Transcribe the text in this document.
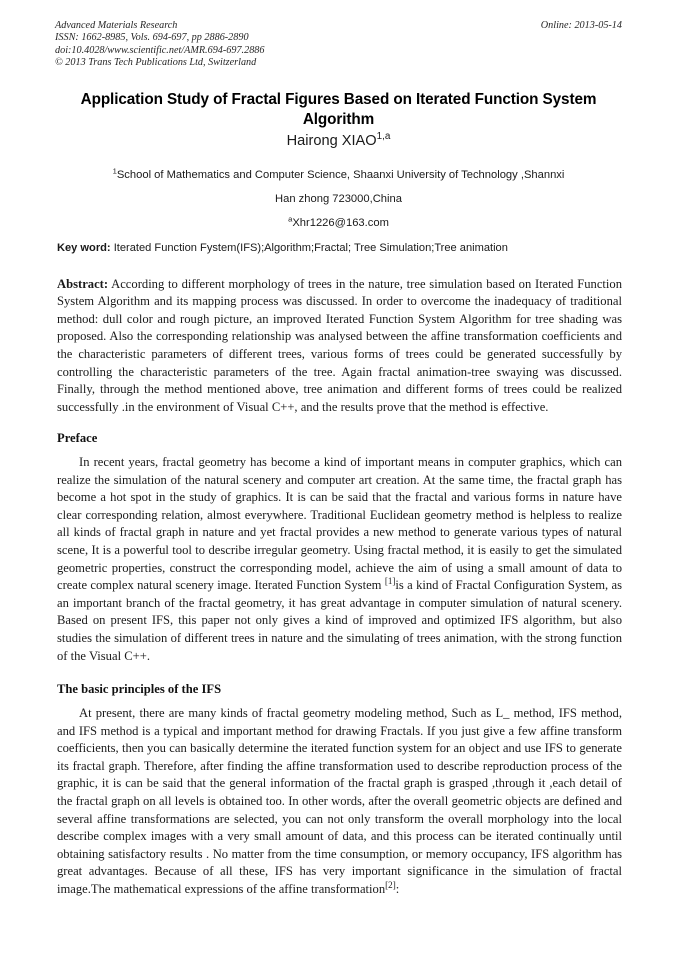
Advanced Materials Research
ISSN: 1662-8985, Vols. 694-697, pp 2886-2890
doi:10.4028/www.scientific.net/AMR.694-697.2886
© 2013 Trans Tech Publications Ltd, Switzerland
Online: 2013-05-14
Application Study of Fractal Figures Based on Iterated Function System Algorithm
Hairong XIAO$^{1,a}$
$^1$School of Mathematics and Computer Science, Shaanxi University of Technology ,Shannxi
Han zhong 723000,China
$^a$Xhr1226@163.com

Key word: Iterated Function Fystem(IFS);Algorithm;Fractal; Tree Simulation;Tree animation

Abstract: According to different morphology of trees in the nature, tree simulation based on Iterated Function System Algorithm and its mapping process was discussed. In order to overcome the inadequacy of traditional method: dull color and rough picture, an improved Iterated Function System Algorithm for tree shading was proposed. Also the corresponding relationship was analysed between the affine transformation coefficients and the characteristic parameters of different trees, various forms of trees could be generated successfully by controlling the characteristic parameters of the tree. Again fractal animation-tree swaying was discussed. Finally, through the method mentioned above, tree animation and different forms of trees could be realized successfully .in the environment of Visual C++, and the results prove that the method is effective.

Preface

In recent years, fractal geometry has become a kind of important means in computer graphics, which can realize the simulation of the natural scenery and computer art creation. At the same time, the fractal graph has become a hot spot in the study of graphics. It is can be said that the fractal and various forms in nature have clear corresponding relation, almost everywhere. Traditional Euclidean geometry method is helpless to realize all kinds of fractal graph in nature and yet fractal provides a new method to generate various types of natural scene, It is a powerful tool to describe irregular geometry. Using fractal method, it is easily to get the simulated geometric properties, construct the corresponding model, achieve the aim of using a small amount of data to create complex natural scenery image. Iterated Function System [1]is a kind of Fractal Configuration System, as an important branch of the fractal geometry, it has great advantage in computer simulation of natural scenery. Based on present IFS, this paper not only gives a kind of improved and optimized IFS algorithm, but also studies the simulation of different trees in nature and the simulating of trees animation, with the strong function of the Visual C++.

The basic principles of the IFS

At present, there are many kinds of fractal geometry modeling method, Such as L_ method, IFS method, and IFS method is a typical and important method for drawing Fractals. If you just give a few affine transform coefficients, then you can basically determine the iterated function system for an object and use IFS to generate its fractal graph. Therefore, after finding the affine transformation used to describe reproduction process of the graphic, it is can be said that the general information of the fractal graph is grasped ,through it ,each detail of the fractal graph on all levels is obtained too. In other words, after the overall geometric objects are defined and several affine transformations are selected, you can not only transform the overall morphology into the local describe complex images with a very small amount of data, and this process can be iterated continually until obtaining satisfactory results . No matter from the time consumption, or memory occupancy, IFS algorithm has great advantages. Because of all these, IFS has very important significance in the simulation of fractal image.The mathematical expressions of the affine transformation[2]:
